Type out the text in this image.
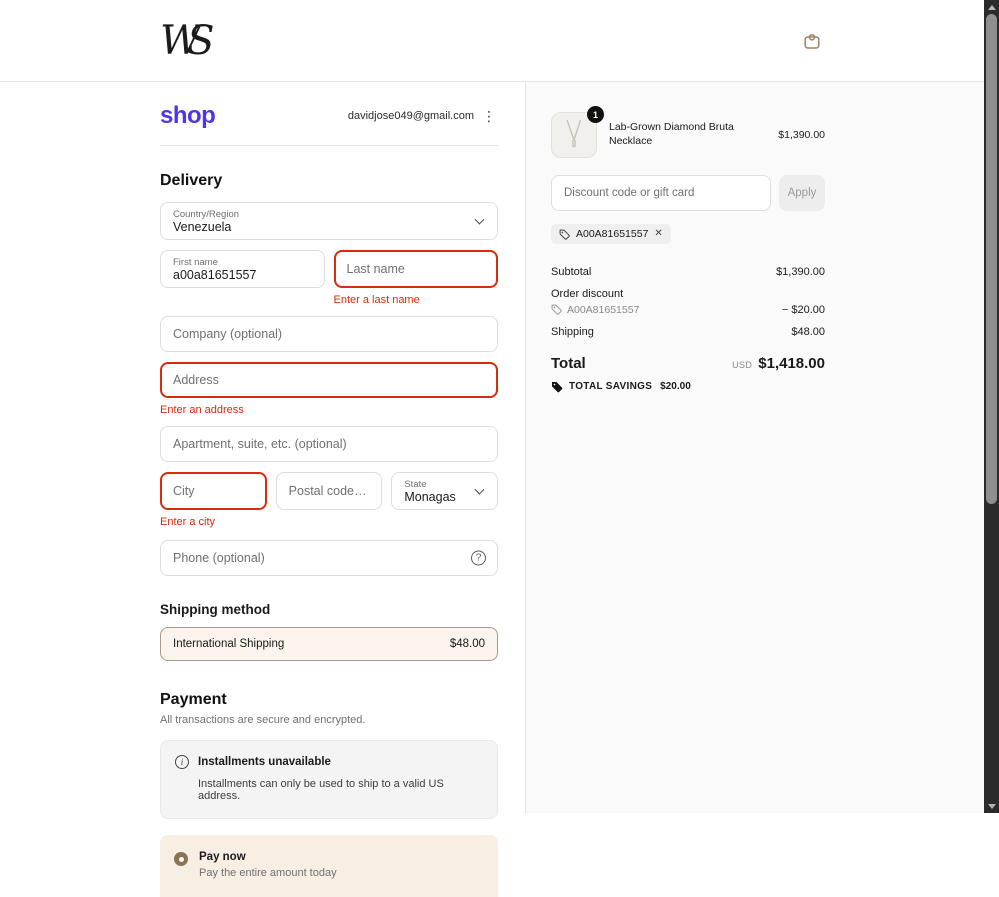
WS
shop	davidjose049@gmail.com ⋮
Delivery
Country/Region
Venezuela
First name
a00a81651557
Last name
Enter a last name
Company (optional)
Address
Enter an address
Apartment, suite, etc. (optional)
City
Enter a city
Postal code (optional)
State
Monagas
Phone (optional)
?
Shipping method
International Shipping	$48.00
Payment
All transactions are secure and encrypted.
i	Installments unavailable
Installments can only be used to ship to a valid US address.
Pay now
Pay the entire amount today
1
Lab-Grown Diamond Bruta Necklace	$1,390.00
Discount code or gift card
Apply
A00A81651557 ✕
Subtotal	$1,390.00
Order discount
A00A81651557	− $20.00
Shipping	$48.00
Total	USD $1,418.00
TOTAL SAVINGS $20.00
